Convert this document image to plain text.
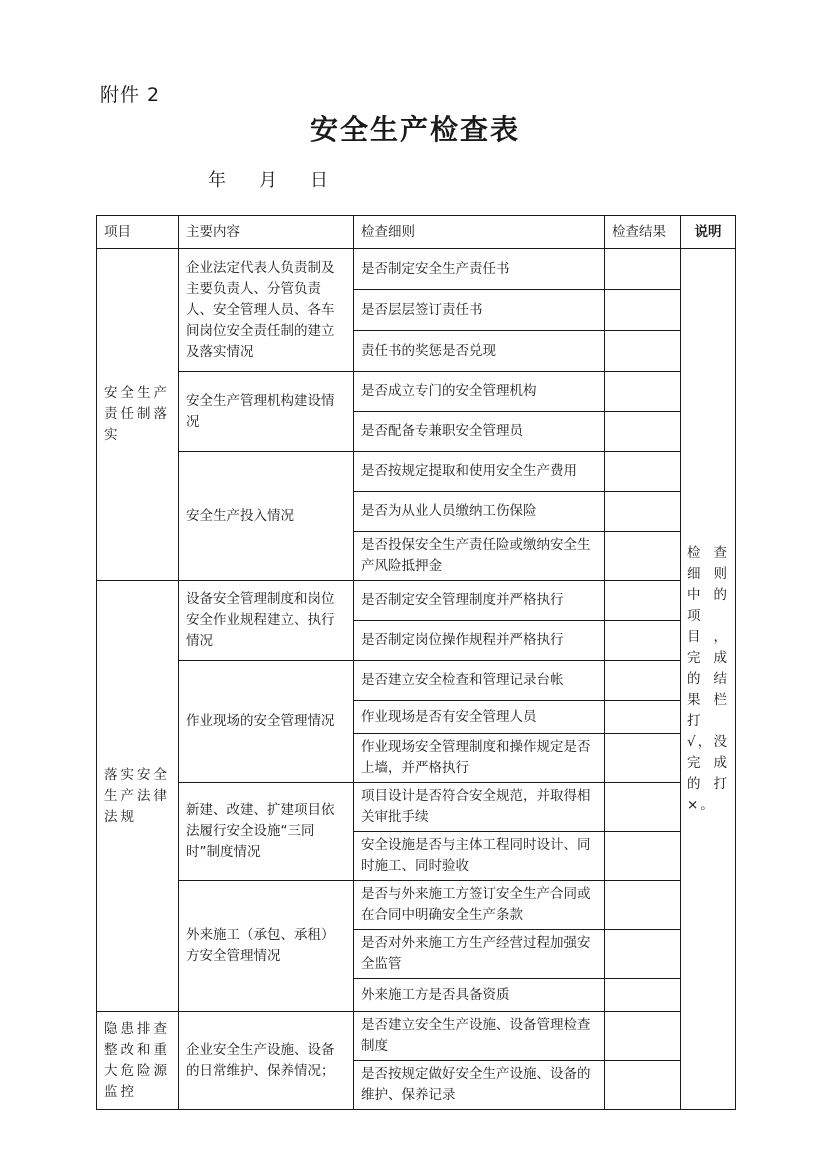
附件 2
安全生产检查表
年 月 日
项目	主要内容	检查细则	检查结果	说明
安全生产责任制落实	企业法定代表人负责制及主要负责人、分管负责人、安全管理人员、各车间岗位安全责任制的建立及落实情况	是否制定安全生产责任书		检 查 细 则 中 的 项目，完 成 的 结 果 栏 打 √，没 完 成 的 打 ×。
		是否层层签订责任书		
		责任书的奖惩是否兑现		
	安全生产管理机构建设情况	是否成立专门的安全管理机构		
		是否配备专兼职安全管理员		
	安全生产投入情况	是否按规定提取和使用安全生产费用		
		是否为从业人员缴纳工伤保险		
		是否投保安全生产责任险或缴纳安全生产风险抵押金		
落实安全生产法律法规	设备安全管理制度和岗位安全作业规程建立、执行情况	是否制定安全管理制度并严格执行		
		是否制定岗位操作规程并严格执行		
	作业现场的安全管理情况	是否建立安全检查和管理记录台帐		
		作业现场是否有安全管理人员		
		作业现场安全管理制度和操作规定是否上墙，并严格执行		
	新建、改建、扩建项目依法履行安全设施“三同时”制度情况	项目设计是否符合安全规范，并取得相关审批手续		
		安全设施是否与主体工程同时设计、同时施工、同时验收		
	外来施工（承包、承租）方安全管理情况	是否与外来施工方签订安全生产合同或在合同中明确安全生产条款		
		是否对外来施工方生产经营过程加强安全监管		
		外来施工方是否具备资质		
隐患排查整改和重大危险源监控	企业安全生产设施、设备的日常维护、保养情况；	是否建立安全生产设施、设备管理检查制度		
		是否按规定做好安全生产设施、设备的维护、保养记录		
